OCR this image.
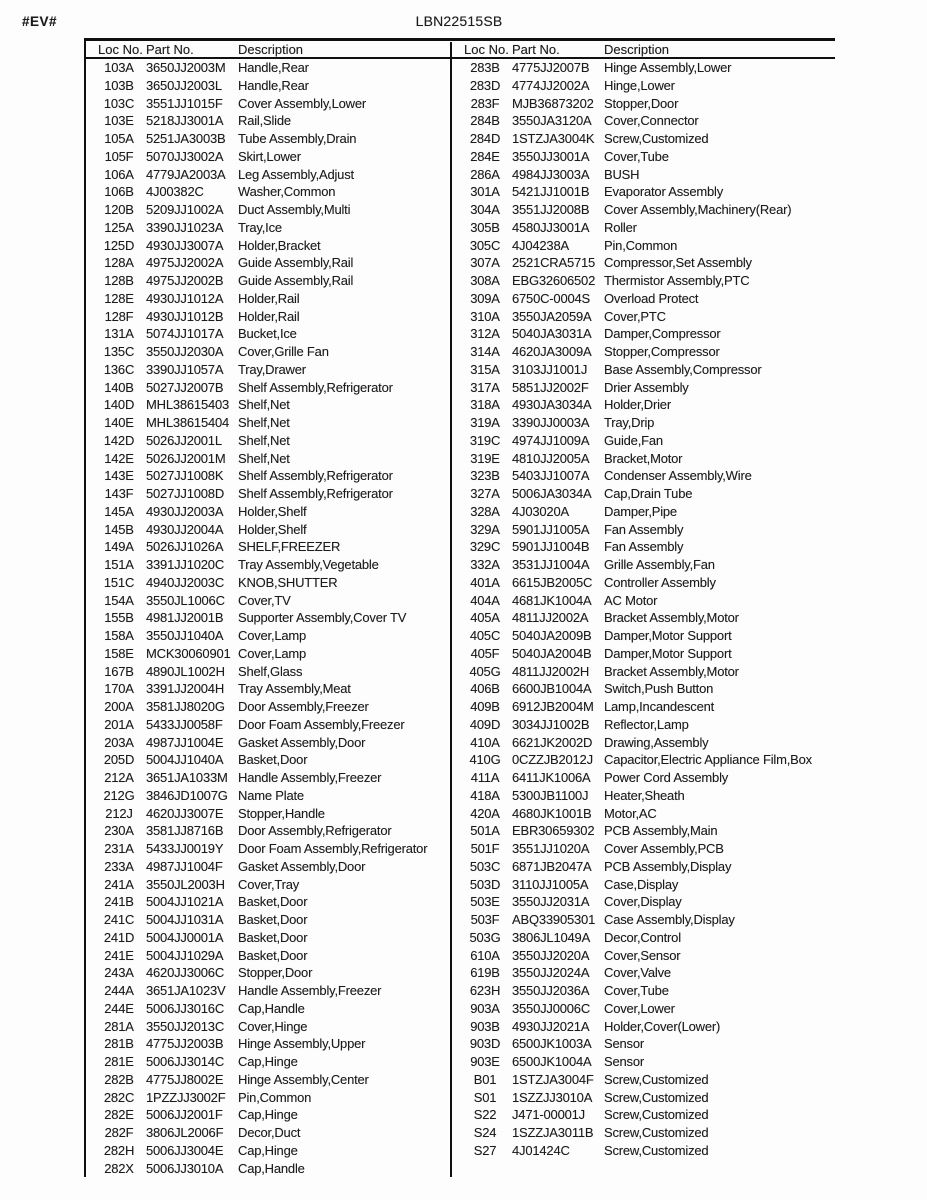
#EV#	LBN22515SB
Loc No. Part No.	Description	Loc No. Part No.	Description
103A 3650JJ2003M Handle,Rear
103B 3650JJ2003L	Handle,Rear
103C 3551JJ1015F	Cover Assembly,Lower
103E 5218JJ3001A	Rail,Slide
105A 5251JA3003B Tube Assembly,Drain
105F 5070JJ3002A	Skirt,Lower
106A 4779JA2003A Leg Assembly,Adjust
106B 4J00382C	Washer,Common
120B 5209JJ1002A	Duct Assembly,Multi
125A 3390JJ1023A	Tray,Ice
125D 4930JJ3007A	Holder,Bracket
128A 4975JJ2002A	Guide Assembly,Rail
128B 4975JJ2002B	Guide Assembly,Rail
128E 4930JJ1012A	Holder,Rail
128F 4930JJ1012B	Holder,Rail
131A 5074JJ1017A	Bucket,Ice
135C 3550JJ2030A	Cover,Grille Fan
136C 3390JJ1057A	Tray,Drawer
140B 5027JJ2007B	Shelf Assembly,Refrigerator
140D MHL38615403 Shelf,Net
140E MHL38615404 Shelf,Net
142D 5026JJ2001L	Shelf,Net
142E 5026JJ2001M Shelf,Net
143E 5027JJ1008K	Shelf Assembly,Refrigerator
143F 5027JJ1008D	Shelf Assembly,Refrigerator
145A 4930JJ2003A	Holder,Shelf
145B 4930JJ2004A	Holder,Shelf
149A 5026JJ1026A	SHELF,FREEZER
151A 3391JJ1020C	Tray Assembly,Vegetable
151C 4940JJ2003C	KNOB,SHUTTER
154A 3550JL1006C	Cover,TV
155B 4981JJ2001B	Supporter Assembly,Cover TV
158A 3550JJ1040A	Cover,Lamp
158E MCK30060901 Cover,Lamp
167B 4890JL1002H	Shelf,Glass
170A 3391JJ2004H	Tray Assembly,Meat
200A 3581JJ8020G	Door Assembly,Freezer
201A 5433JJ0058F	Door Foam Assembly,Freezer
203A 4987JJ1004E	Gasket Assembly,Door
205D 5004JJ1040A	Basket,Door
212A 3651JA1033M Handle Assembly,Freezer
212G 3846JD1007G Name Plate
212J	4620JJ3007E	Stopper,Handle
230A 3581JJ8716B	Door Assembly,Refrigerator
231A 5433JJ0019Y	Door Foam Assembly,Refrigerator
233A 4987JJ1004F	Gasket Assembly,Door
241A 3550JL2003H	Cover,Tray
241B 5004JJ1021A	Basket,Door
241C 5004JJ1031A	Basket,Door
241D 5004JJ0001A	Basket,Door
241E 5004JJ1029A	Basket,Door
243A 4620JJ3006C	Stopper,Door
244A 3651JA1023V Handle Assembly,Freezer
244E 5006JJ3016C	Cap,Handle
281A 3550JJ2013C	Cover,Hinge
281B 4775JJ2003B	Hinge Assembly,Upper
281E 5006JJ3014C	Cap,Hinge
282B 4775JJ8002E	Hinge Assembly,Center
282C 1PZZJJ3002F Pin,Common
282E 5006JJ2001F	Cap,Hinge
282F 3806JL2006F	Decor,Duct
282H 5006JJ3004E	Cap,Hinge
282X 5006JJ3010A	Cap,Handle
283B 4775JJ2007B	Hinge Assembly,Lower
283D 4774JJ2002A	Hinge,Lower
283F MJB36873202 Stopper,Door
284B 3550JA3120A Cover,Connector
284D 1STZJA3004K Screw,Customized
284E 3550JJ3001A	Cover,Tube
286A 4984JJ3003A	BUSH
301A 5421JJ1001B	Evaporator Assembly
304A 3551JJ2008B	Cover Assembly,Machinery(Rear)
305B 4580JJ3001A	Roller
305C 4J04238A	Pin,Common
307A 2521CRA5715 Compressor,Set Assembly
308A EBG32606502 Thermistor Assembly,PTC
309A 6750C-0004S	Overload Protect
310A 3550JA2059A Cover,PTC
312A 5040JA3031A Damper,Compressor
314A 4620JA3009A Stopper,Compressor
315A 3103JJ1001J	Base Assembly,Compressor
317A 5851JJ2002F	Drier Assembly
318A 4930JA3034A Holder,Drier
319A 3390JJ0003A	Tray,Drip
319C 4974JJ1009A	Guide,Fan
319E 4810JJ2005A	Bracket,Motor
323B 5403JJ1007A	Condenser Assembly,Wire
327A 5006JA3034A Cap,Drain Tube
328A 4J03020A	Damper,Pipe
329A 5901JJ1005A	Fan Assembly
329C 5901JJ1004B	Fan Assembly
332A 3531JJ1004A	Grille Assembly,Fan
401A 6615JB2005C Controller Assembly
404A 4681JK1004A AC Motor
405A 4811JJ2002A	Bracket Assembly,Motor
405C 5040JA2009B Damper,Motor Support
405F 5040JA2004B Damper,Motor Support
405G 4811JJ2002H	Bracket Assembly,Motor
406B 6600JB1004A Switch,Push Button
409B 6912JB2004M Lamp,Incandescent
409D 3034JJ1002B	Reflector,Lamp
410A 6621JK2002D Drawing,Assembly
410G 0CZZJB2012J Capacitor,Electric Appliance Film,Box
411A 6411JK1006A	Power Cord Assembly
418A 5300JB1100J	Heater,Sheath
420A 4680JK1001B Motor,AC
501A EBR30659302 PCB Assembly,Main
501F 3551JJ1020A	Cover Assembly,PCB
503C 6871JB2047A PCB Assembly,Display
503D 3110JJ1005A	Case,Display
503E 3550JJ2031A	Cover,Display
503F ABQ33905301 Case Assembly,Display
503G 3806JL1049A	Decor,Control
610A 3550JJ2020A	Cover,Sensor
619B 3550JJ2024A	Cover,Valve
623H 3550JJ2036A	Cover,Tube
903A 3550JJ0006C	Cover,Lower
903B 4930JJ2021A	Holder,Cover(Lower)
903D 6500JK1003A Sensor
903E 6500JK1004A Sensor
B01	1STZJA3004F Screw,Customized
S01	1SZZJJ3010A Screw,Customized
S22	J471-00001J	Screw,Customized
S24	1SZZJA3011B Screw,Customized
S27	4J01424C	Screw,Customized
